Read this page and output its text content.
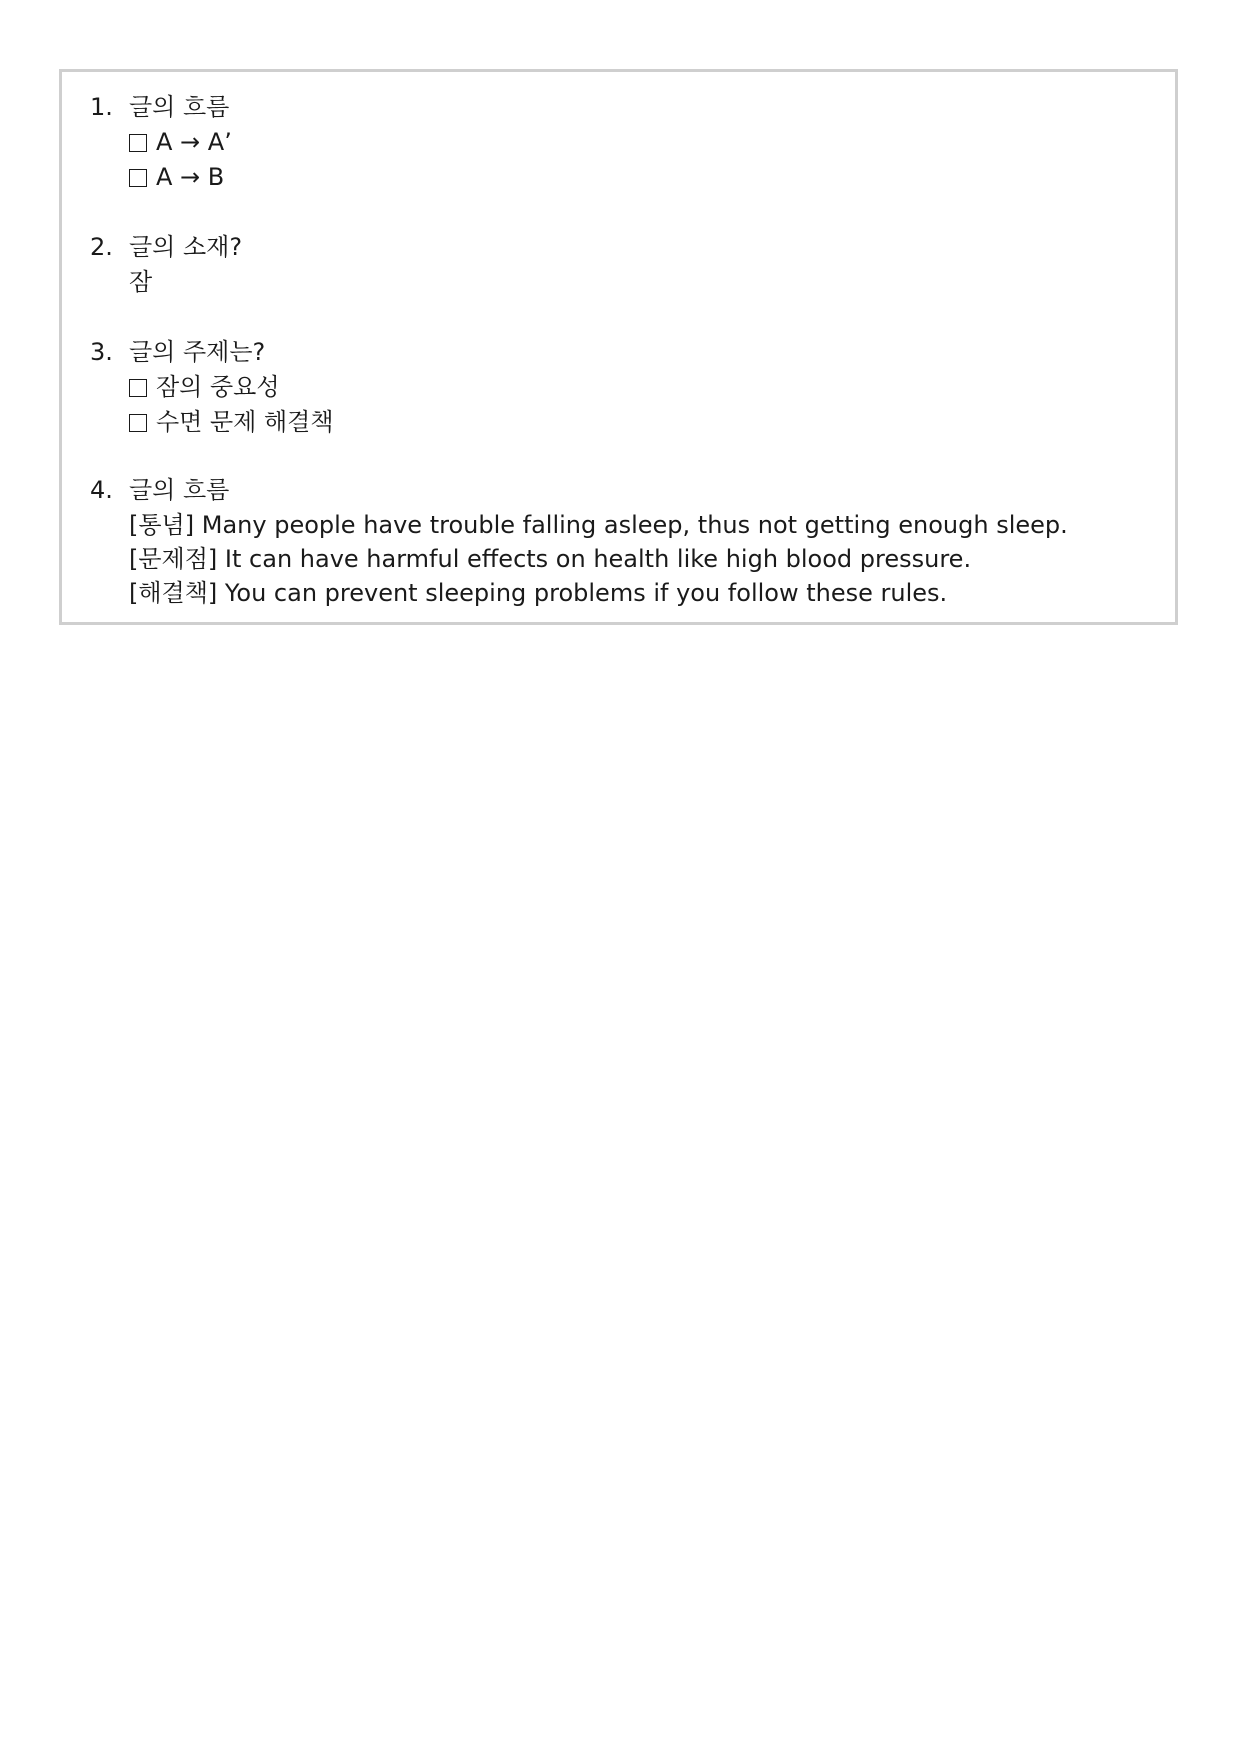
1. 글의 흐름
A → A’
A → B
2. 글의 소재?
잠
3. 글의 주제는?
잠의 중요성
수면 문제 해결책
4. 글의 흐름
[통념] Many people have trouble falling asleep, thus not getting enough sleep.
[문제점] It can have harmful effects on health like high blood pressure.
[해결책] You can prevent sleeping problems if you follow these rules.
